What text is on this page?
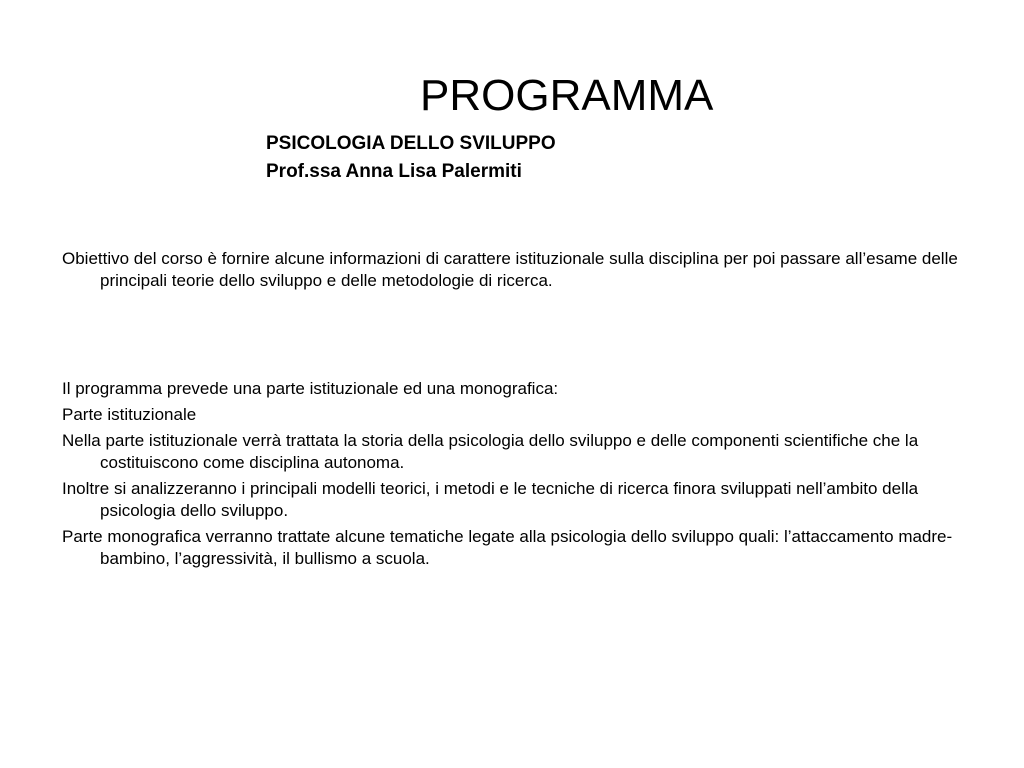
PROGRAMMA
PSICOLOGIA DELLO SVILUPPO
Prof.ssa Anna Lisa Palermiti

Obiettivo del corso è fornire alcune informazioni di carattere istituzionale sulla disciplina per poi passare all’esame delle principali teorie dello sviluppo e delle metodologie di ricerca.

Il programma prevede una parte istituzionale ed una monografica:

Parte istituzionale

Nella parte istituzionale verrà trattata la storia della psicologia dello sviluppo e delle componenti scientifiche che la costituiscono come disciplina autonoma.

Inoltre si analizzeranno i principali modelli teorici, i metodi e le tecniche di ricerca finora sviluppati nell’ambito della psicologia dello sviluppo.

Parte monografica verranno trattate alcune tematiche legate alla psicologia dello sviluppo quali: l’attaccamento madre-bambino, l’aggressività, il bullismo a scuola.
